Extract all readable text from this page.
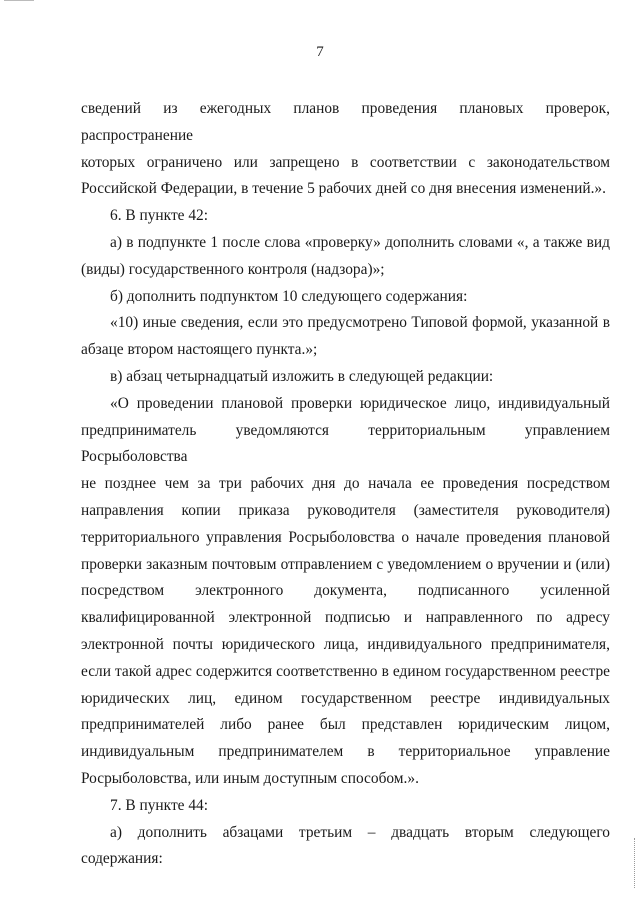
7

сведений из ежегодных планов проведения плановых проверок, распространение

которых ограничено или запрещено в соответствии с законодательством

Российской Федерации, в течение 5 рабочих дней со дня внесения изменений.».

6. В пункте 42:

а) в подпункте 1 после слова «проверку» дополнить словами «, а также вид

(виды) государственного контроля (надзора)»;

б) дополнить подпунктом 10 следующего содержания:

«10) иные сведения, если это предусмотрено Типовой формой, указанной в

абзаце втором настоящего пункта.»;

в) абзац четырнадцатый изложить в следующей редакции:

«О проведении плановой проверки юридическое лицо, индивидуальный

предприниматель уведомляются территориальным управлением Росрыболовства

не позднее чем за три рабочих дня до начала ее проведения посредством

направления копии приказа руководителя (заместителя руководителя)

территориального управления Росрыболовства о начале проведения плановой

проверки заказным почтовым отправлением с уведомлением о вручении и (или)

посредством электронного документа, подписанного усиленной

квалифицированной электронной подписью и направленного по адресу

электронной почты юридического лица, индивидуального предпринимателя,

если такой адрес содержится соответственно в едином государственном реестре

юридических лиц, едином государственном реестре индивидуальных

предпринимателей либо ранее был представлен юридическим лицом,

индивидуальным предпринимателем в территориальное управление

Росрыболовства, или иным доступным способом.».

7. В пункте 44:

а) дополнить абзацами третьим – двадцать вторым следующего

содержания:
